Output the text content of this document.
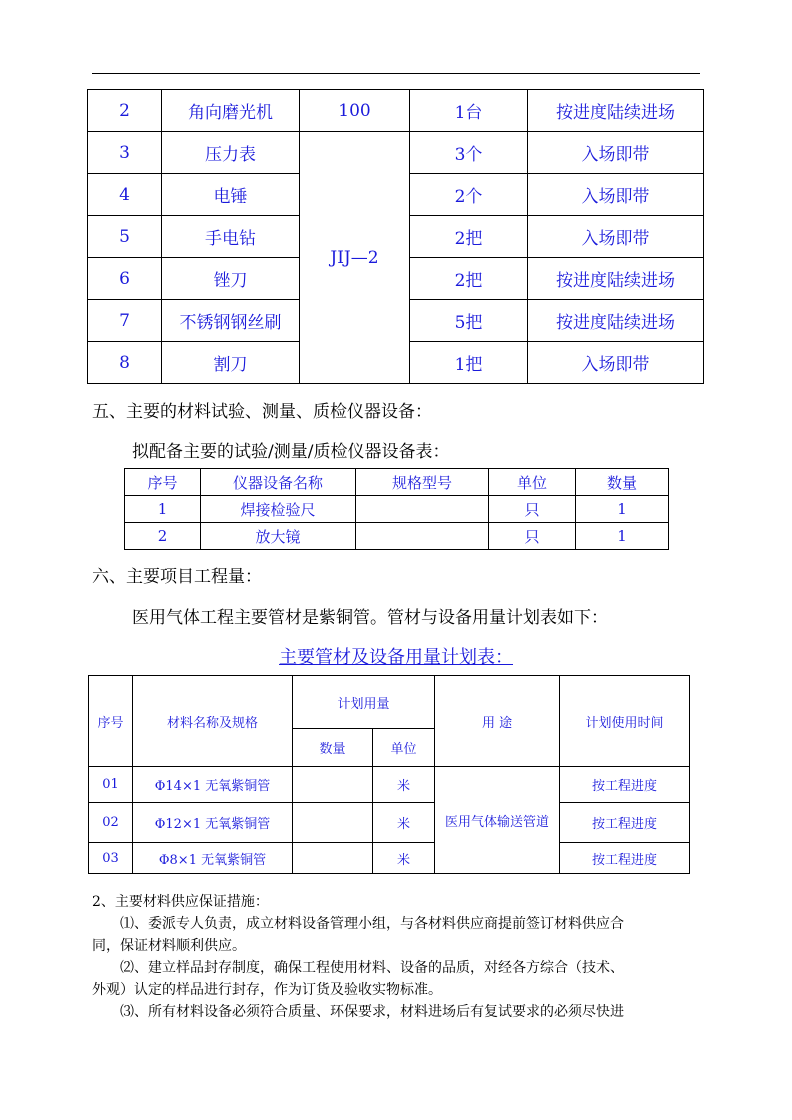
2	角向磨光机	100	1台	按进度陆续进场
3	压力表	JIJ—2	3个	入场即带
4	电锤		2个	入场即带
5	手电钻		2把	入场即带
6	锉刀		2把	按进度陆续进场
7	不锈钢钢丝刷		5把	按进度陆续进场
8	割刀		1把	入场即带
五、主要的材料试验、测量、质检仪器设备：
拟配备主要的试验/测量/质检仪器设备表：
序号	仪器设备名称	规格型号	单位	数量
1	焊接检验尺		只	1
2	放大镜		只	1
六、主要项目工程量：
医用气体工程主要管材是紫铜管。管材与设备用量计划表如下：
主要管材及设备用量计划表：
序号	材料名称及规格	计划用量		用 途	计划使用时间
		数量	单位		
01	Φ14×1 无氧紫铜管		米	医用气体输送管道	按工程进度
02	Φ12×1 无氧紫铜管		米		按工程进度
03	Φ8×1 无氧紫铜管		米		按工程进度
2、主要材料供应保证措施：
⑴、委派专人负责，成立材料设备管理小组，与各材料供应商提前签订材料供应合
同，保证材料顺利供应。
⑵、建立样品封存制度，确保工程使用材料、设备的品质，对经各方综合（技术、
外观）认定的样品进行封存，作为订货及验收实物标准。
⑶、所有材料设备必须符合质量、环保要求，材料进场后有复试要求的必须尽快进
